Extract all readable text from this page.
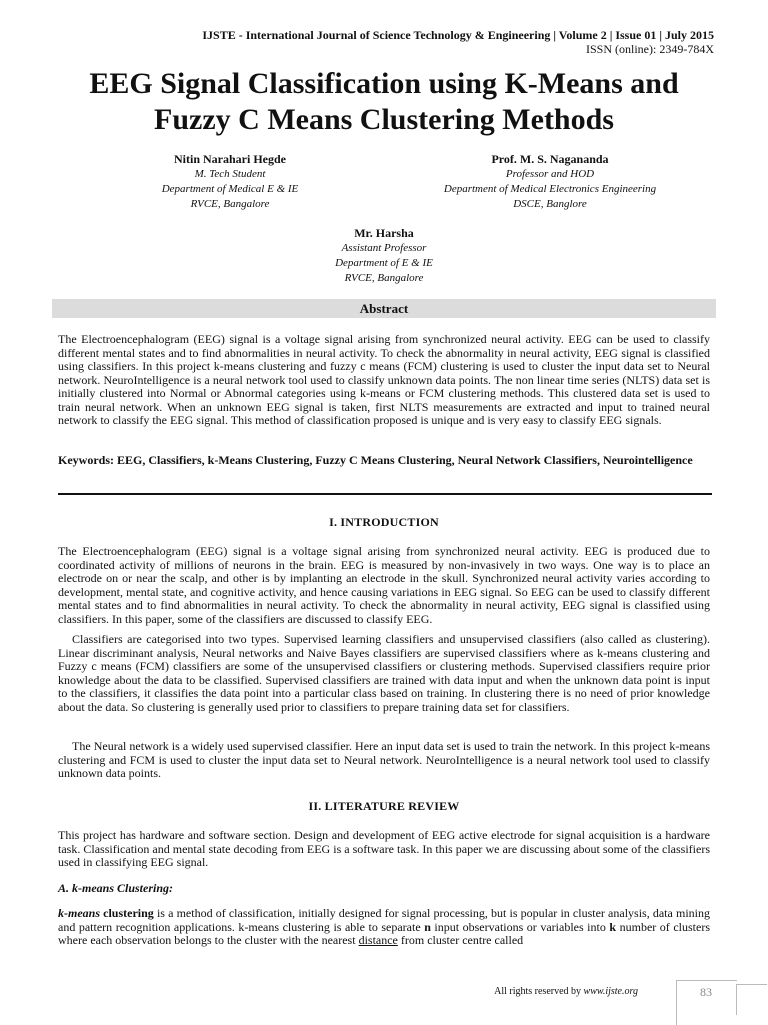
IJSTE - International Journal of Science Technology & Engineering | Volume 2 | Issue 01 | July 2015
ISSN (online): 2349-784X
EEG Signal Classification using K-Means and
Fuzzy C Means Clustering Methods
Nitin Narahari Hegde
M. Tech Student
Department of Medical E & IE
RVCE, Bangalore
Prof. M. S. Naganandа
Professor and HOD
Department of Medical Electronics Engineering
DSCE, Banglore
Mr. Harsha
Assistant Professor
Department of E & IE
RVCE, Bangalore
Abstract
The Electroencephalogram (EEG) signal is a voltage signal arising from synchronized neural activity. EEG can be used to classify different mental states and to find abnormalities in neural activity. To check the abnormality in neural activity, EEG signal is classified using classifiers. In this project k-means clustering and fuzzy c means (FCM) clustering is used to cluster the input data set to Neural network. NeuroIntelligence is a neural network tool used to classify unknown data points. The non linear time series (NLTS) data set is initially clustered into Normal or Abnormal categories using k-means or FCM clustering methods. This clustered data set is used to train neural network. When an unknown EEG signal is taken, first NLTS measurements are extracted and input to trained neural network to classify the EEG signal. This method of classification proposed is unique and is very easy to classify EEG signals.
Keywords: EEG, Classifiers, k-Means Clustering, Fuzzy C Means Clustering, Neural Network Classifiers, Neurointelligence
I. INTRODUCTION
The Electroencephalogram (EEG) signal is a voltage signal arising from synchronized neural activity. EEG is produced due to coordinated activity of millions of neurons in the brain. EEG is measured by non-invasively in two ways. One way is to place an electrode on or near the scalp, and other is by implanting an electrode in the skull. Synchronized neural activity varies according to development, mental state, and cognitive activity, and hence causing variations in EEG signal. So EEG can be used to classify different mental states and to find abnormalities in neural activity. To check the abnormality in neural activity, EEG signal is classified using classifiers. In this paper, some of the classifiers are discussed to classify EEG.
Classifiers are categorised into two types. Supervised learning classifiers and unsupervised classifiers (also called as clustering). Linear discriminant analysis, Neural networks and Naive Bayes classifiers are supervised classifiers where as k-means clustering and Fuzzy c means (FCM) classifiers are some of the unsupervised classifiers or clustering methods. Supervised classifiers require prior knowledge about the data to be classified. Supervised classifiers are trained with data input and when the unknown data point is input to the classifiers, it classifies the data point into a particular class based on training. In clustering there is no need of prior knowledge about the data. So clustering is generally used prior to classifiers to prepare training data set for classifiers.
The Neural network is a widely used supervised classifier. Here an input data set is used to train the network. In this project k-means clustering and FCM is used to cluster the input data set to Neural network. NeuroIntelligence is a neural network tool used to classify unknown data points.
II. LITERATURE REVIEW
This project has hardware and software section. Design and development of EEG active electrode for signal acquisition is a hardware task. Classification and mental state decoding from EEG is a software task. In this paper we are discussing about some of the classifiers used in classifying EEG signal.
A. k-means Clustering:
k-means clustering is a method of classification, initially designed for signal processing, but is popular in cluster analysis, data mining and pattern recognition applications. k-means clustering is able to separate n input observations or variables into k number of clusters where each observation belongs to the cluster with the nearest distance from cluster centre called
All rights reserved by www.ijste.org	83
